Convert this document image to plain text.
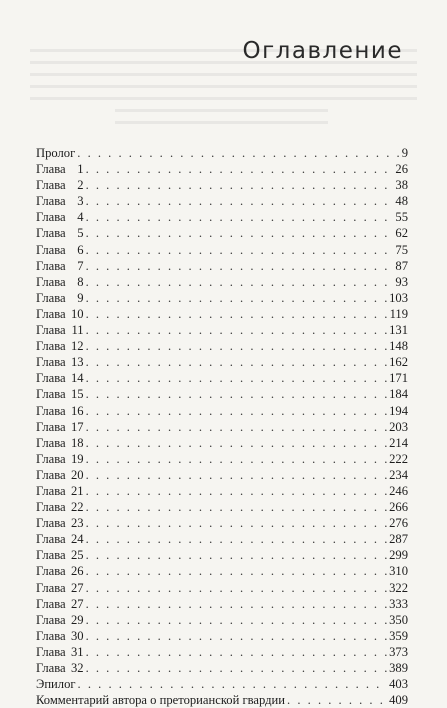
Оглавление
Пролог . . .	9
Глава 1 . . .	26
Глава 2 . . .	38
Глава 3 . . .	48
Глава 4 . . .	55
Глава 5 . . .	62
Глава 6 . . .	75
Глава 7 . . .	87
Глава 8 . . .	93
Глава 9 . . .	103
Глава 10 . . .	119
Глава 11 . . .	131
Глава 12 . . .	148
Глава 13 . . .	162
Глава 14 . . .	171
Глава 15 . . .	184
Глава 16 . . .	194
Глава 17 . . .	203
Глава 18 . . .	214
Глава 19 . . .	222
Глава 20 . . .	234
Глава 21 . . .	246
Глава 22 . . .	266
Глава 23 . . .	276
Глава 24 . . .	287
Глава 25 . . .	299
Глава 26 . . .	310
Глава 27 . . .	322
Глава 27 . . .	333
Глава 29 . . .	350
Глава 30 . . .	359
Глава 31 . . .	373
Глава 32 . . .	389
Эпилог . . .	403
Комментарий автора о преторианской гвардии . . .	409
